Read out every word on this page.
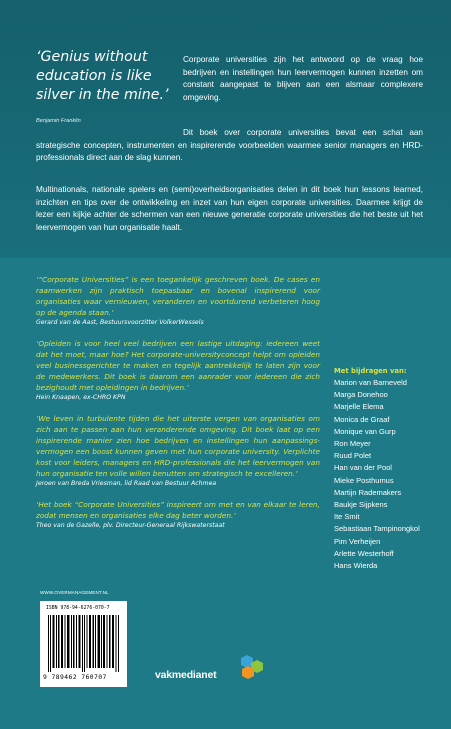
‘Genius without education is like silver in the mine.’
Benjamin Franklin
Corporate universities zijn het antwoord op de vraag hoe bedrijven en instellingen hun leervermogen kunnen inzetten om constant aangepast te blijven aan een alsmaar complexere omgeving.
Dit boek over corporate universities bevat een schat aan strategische concepten, instrumenten en inspirerende voorbeelden waarmee senior managers en HRD-professionals direct aan de slag kunnen.
Multinationals, nationale spelers en (semi)overheidsorganisaties delen in dit boek hun lessons learned, inzichten en tips over de ontwikkeling en inzet van hun eigen corporate universities. Daarmee krijgt de lezer een kijkje achter de schermen van een nieuwe generatie corporate universities die het beste uit het leervermogen van hun organisatie haalt.
‘“Corporate Universities” is een toegankelijk geschreven boek. De cases en raamwerken zijn praktisch toepasbaar en bovenal inspirerend voor organisaties waar vernieuwen, veranderen en voortdurend verbeteren hoog op de agenda staan.’
Gerard van de Aast, Bestuursvoorzitter VolkerWessels
‘Opleiden is voor heel veel bedrijven een lastige uitdaging: iedereen weet dat het moet, maar hoe? Het corporate-universityconcept helpt om opleiden veel businessgerichter te maken en tegelijk aantrekkelijk te laten zijn voor de medewerkers. Dit boek is daarom een aanrader voor iedereen die zich bezighoudt met opleidingen in bedrijven.’
Hein Knaapen, ex-CHRO KPN
‘We leven in turbulente tijden die het uiterste vergen van organisaties om zich aan te passen aan hun veranderende omgeving. Dit boek laat op een inspirerende manier zien hoe bedrijven en instellingen hun aanpassings-vermogen een boost kunnen geven met hun corporate university. Verplichte kost voor leiders, managers en HRD-professionals die het leervermogen van hun organisatie ten volle willen benutten om strategisch te excelleren.’
Jeroen van Breda Vriesman, lid Raad van Bestuur Achmea
‘Het boek “Corporate Universities” inspireert om met en van elkaar te leren, zodat mensen en organisaties elke dag beter worden.’
Theo van de Gazelle, plv. Directeur-Generaal Rijkswaterstaat
Met bijdragen van:
Marion van Barneveld
Marga Donehoo
Marjelle Elema
Monica de Graaf
Monique van Gurp
Ron Meyer
Ruud Polet
Han van der Pool
Mieke Posthumus
Martijn Rademakers
Baukje Sijpkens
Ite Smit
Sebastiaan Tampinongkol
Pim Verheijen
Arlette Westerhoff
Hans Wierda
WWW.OVERMANAGEMENT.NL
ISBN 978-94-6276-070-7
9 789462 760707	vakmedianet
